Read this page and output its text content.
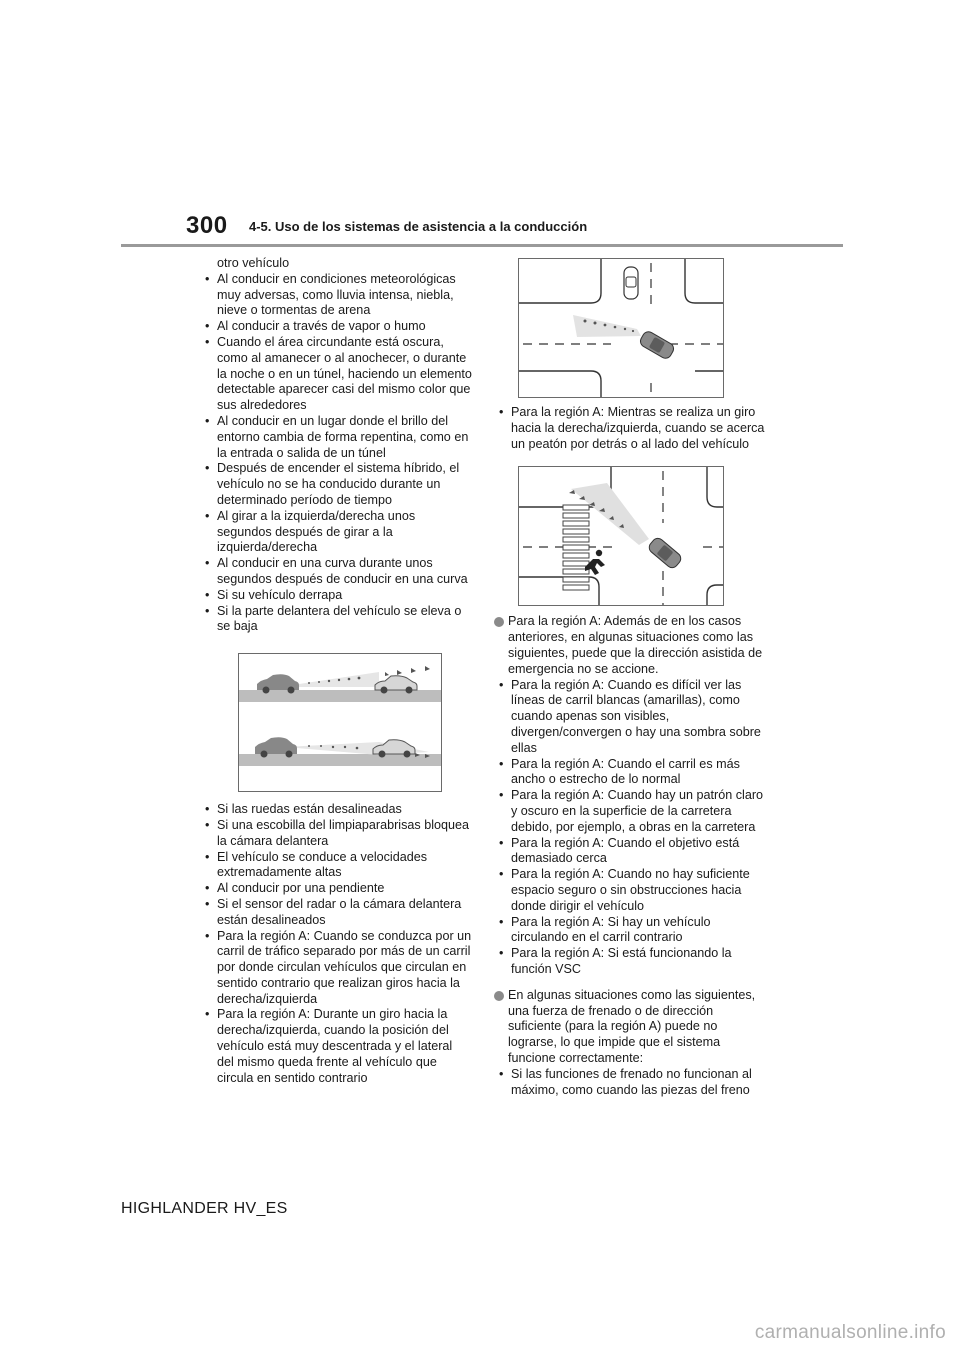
300 4-5. Uso de los sistemas de asistencia a la conducción
otro vehículo
• Al conducir en condiciones meteorológicas muy adversas, como lluvia intensa, niebla, nieve o tormentas de arena
• Al conducir a través de vapor o humo
• Cuando el área circundante está oscura, como al amanecer o al anochecer, o durante la noche o en un túnel, haciendo un elemento detectable aparecer casi del mismo color que sus alrededores
• Al conducir en un lugar donde el brillo del entorno cambia de forma repentina, como en la entrada o salida de un túnel
• Después de encender el sistema híbrido, el vehículo no se ha conducido durante un determinado período de tiempo
• Al girar a la izquierda/derecha unos segundos después de girar a la izquierda/derecha
• Al conducir en una curva durante unos segundos después de conducir en una curva
• Si su vehículo derrapa
• Si la parte delantera del vehículo se eleva o se baja
• Si las ruedas están desalineadas
• Si una escobilla del limpiaparabrisas bloquea la cámara delantera
• El vehículo se conduce a velocidades extremadamente altas
• Al conducir por una pendiente
• Si el sensor del radar o la cámara delantera están desalineados
• Para la región A: Cuando se conduzca por un carril de tráfico separado por más de un carril por donde circulan vehículos que circulan en sentido contrario que realizan giros hacia la derecha/izquierda
• Para la región A: Durante un giro hacia la derecha/izquierda, cuando la posición del vehículo está muy descentrada y el lateral del mismo queda frente al vehículo que circula en sentido contrario
• Para la región A: Mientras se realiza un giro hacia la derecha/izquierda, cuando se acerca un peatón por detrás o al lado del vehículo
Para la región A: Además de en los casos anteriores, en algunas situaciones como las siguientes, puede que la dirección asistida de emergencia no se accione.
• Para la región A: Cuando es difícil ver las líneas de carril blancas (amarillas), como cuando apenas son visibles, divergen/convergen o hay una sombra sobre ellas
• Para la región A: Cuando el carril es más ancho o estrecho de lo normal
• Para la región A: Cuando hay un patrón claro y oscuro en la superficie de la carretera debido, por ejemplo, a obras en la carretera
• Para la región A: Cuando el objetivo está demasiado cerca
• Para la región A: Cuando no hay suficiente espacio seguro o sin obstrucciones hacia donde dirigir el vehículo
• Para la región A: Si hay un vehículo circulando en el carril contrario
• Para la región A: Si está funcionando la función VSC
En algunas situaciones como las siguientes, una fuerza de frenado o de dirección suficiente (para la región A) puede no lograrse, lo que impide que el sistema funcione correctamente:
• Si las funciones de frenado no funcionan al máximo, como cuando las piezas del freno
HIGHLANDER HV_ES
carmanualsonline.info
